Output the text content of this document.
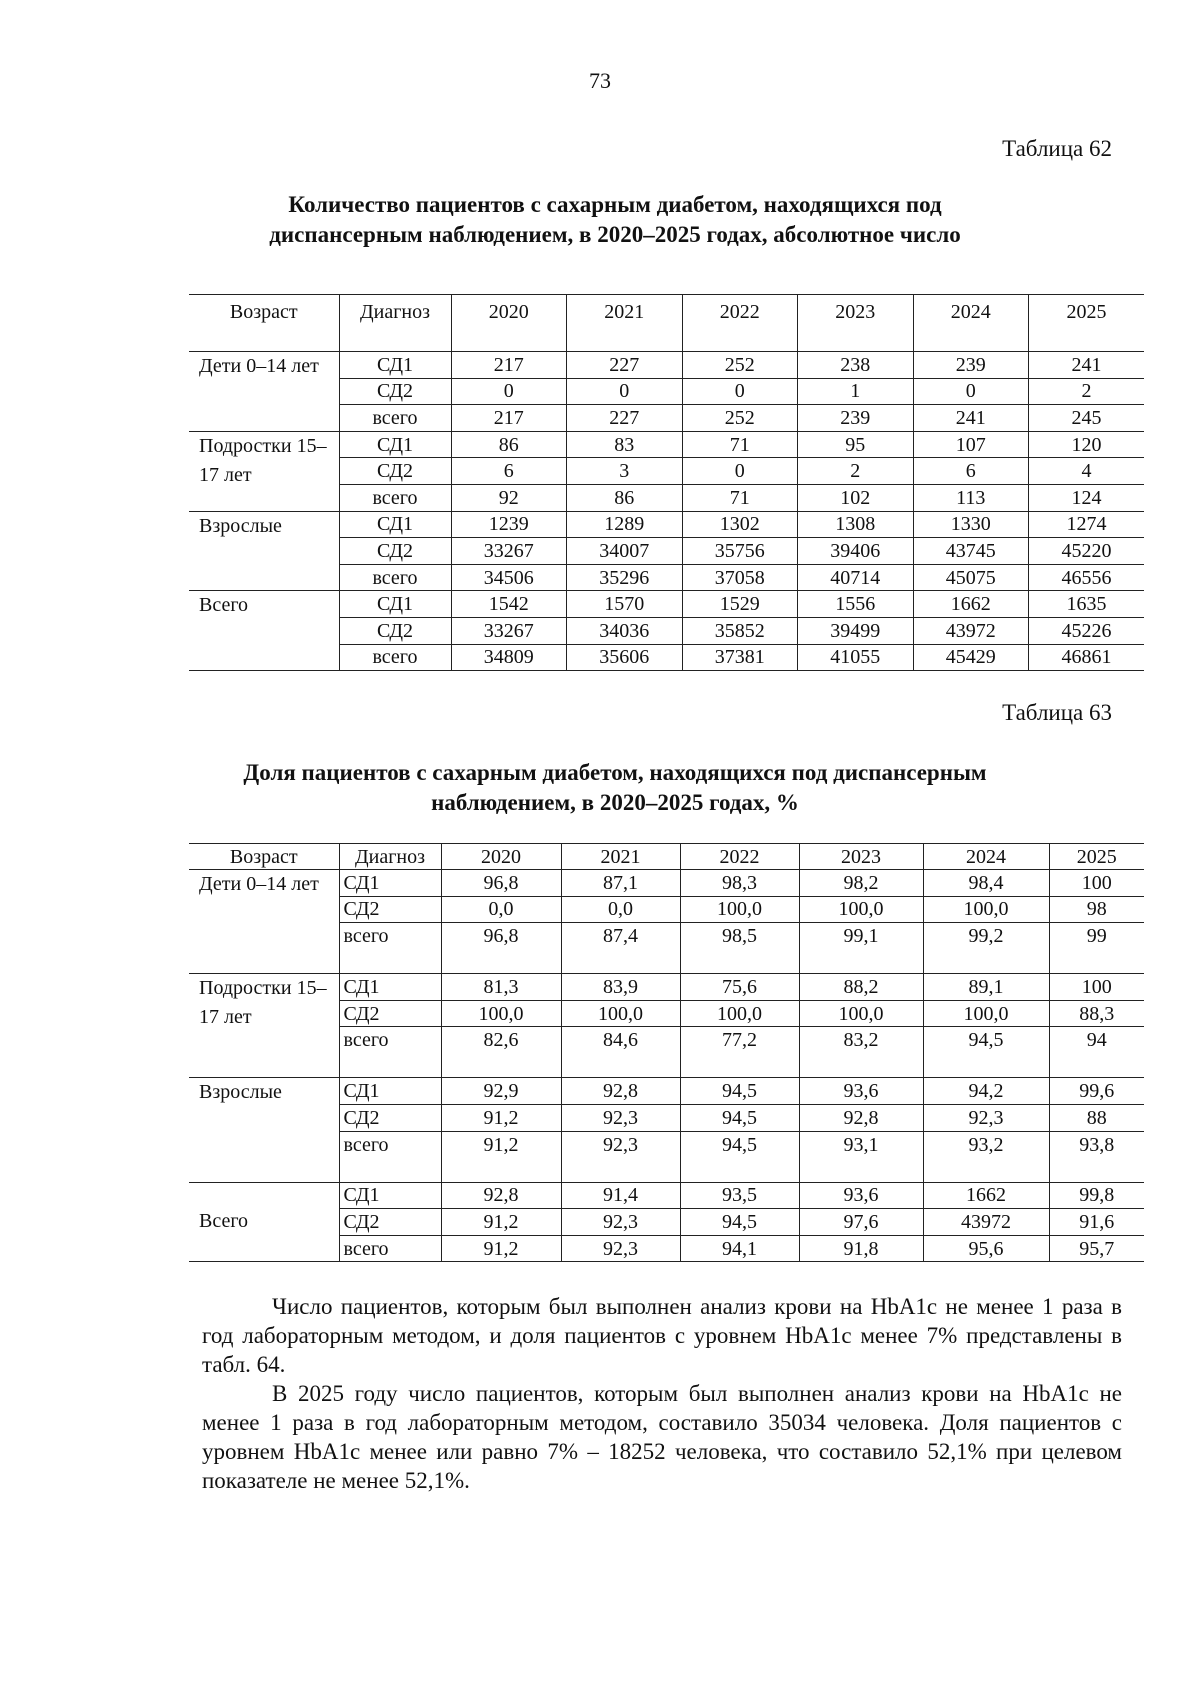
73
Таблица 62
Количество пациентов с сахарным диабетом, находящихся под
диспансерным наблюдением, в 2020–2025 годах, абсолютное число
Возраст	Диагноз	2020	2021	2022	2023	2024	2025
Дети 0–14 лет	СД1	217	227	252	238	239	241
	СД2	0	0	0	1	0	2
	всего	217	227	252	239	241	245
Подростки 15–17 лет	СД1	86	83	71	95	107	120
	СД2	6	3	0	2	6	4
	всего	92	86	71	102	113	124
Взрослые	СД1	1239	1289	1302	1308	1330	1274
	СД2	33267	34007	35756	39406	43745	45220
	всего	34506	35296	37058	40714	45075	46556
Всего	СД1	1542	1570	1529	1556	1662	1635
	СД2	33267	34036	35852	39499	43972	45226
	всего	34809	35606	37381	41055	45429	46861
Таблица 63
Доля пациентов с сахарным диабетом, находящихся под диспансерным
наблюдением, в 2020–2025 годах, %
Возраст	Диагноз	2020	2021	2022	2023	2024	2025
Дети 0–14 лет	СД1	96,8	87,1	98,3	98,2	98,4	100
	СД2	0,0	0,0	100,0	100,0	100,0	98
	всего	96,8	87,4	98,5	99,1	99,2	99
Подростки 15–17 лет	СД1	81,3	83,9	75,6	88,2	89,1	100
	СД2	100,0	100,0	100,0	100,0	100,0	88,3
	всего	82,6	84,6	77,2	83,2	94,5	94
Взрослые	СД1	92,9	92,8	94,5	93,6	94,2	99,6
	СД2	91,2	92,3	94,5	92,8	92,3	88
	всего	91,2	92,3	94,5	93,1	93,2	93,8
Всего	СД1	92,8	91,4	93,5	93,6	1662	99,8
	СД2	91,2	92,3	94,5	97,6	43972	91,6
	всего	91,2	92,3	94,1	91,8	95,6	95,7

Число пациентов, которым был выполнен анализ крови на HbA1c не менее 1 раза в год лабораторным методом, и доля пациентов с уровнем HbA1c менее 7% представлены в табл. 64.

В 2025 году число пациентов, которым был выполнен анализ крови на HbA1c не менее 1 раза в год лабораторным методом, составило 35034 человека. Доля пациентов с уровнем HbA1c менее или равно 7% – 18252 человека, что составило 52,1% при целевом показателе не менее 52,1%.
